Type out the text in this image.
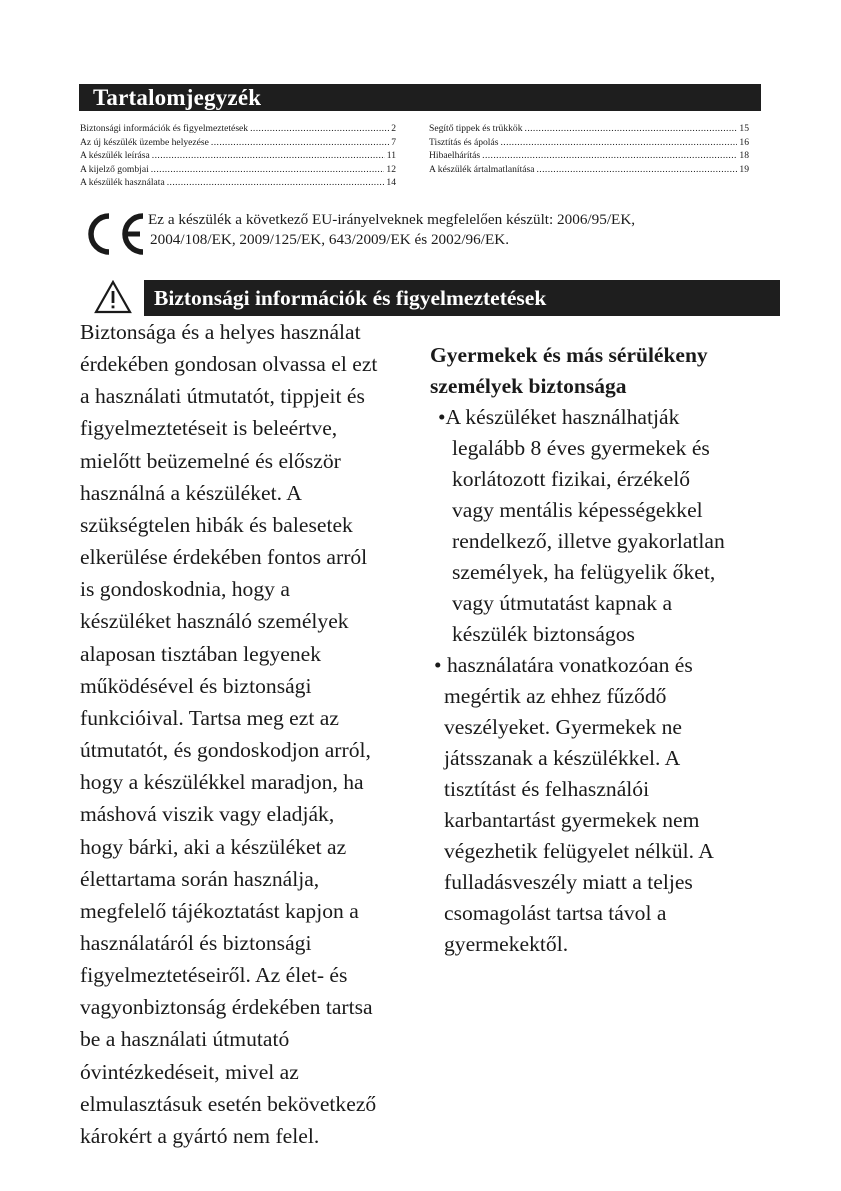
Tartalomjegyzék
Biztonsági információk és figyelmeztetések .....	2
Az új készülék üzembe helyezése .....	7
A készülék leírása .....	11
A kijelző gombjai .....	12
A készülék használata .....	14
Segítő tippek és trükkök .....	15
Tisztítás és ápolás .....	16
Hibaelhárítás .....	18
A készülék ártalmatlanítása .....	19
Ez a készülék a következő EU-irányelveknek megfelelően készült: 2006/95/EK,
2004/108/EK, 2009/125/EK, 643/2009/EK és 2002/96/EK.
Biztonsági információk és figyelmeztetések
Biztonsága és a helyes használat
érdekében gondosan olvassa el ezt
a használati útmutatót, tippjeit és
figyelmeztetéseit is beleértve,
mielőtt beüzemelné és először
használná a készüléket. A
szükségtelen hibák és balesetek
elkerülése érdekében fontos arról
is gondoskodnia, hogy a
készüléket használó személyek
alaposan tisztában legyenek
működésével és biztonsági
funkcióival. Tartsa meg ezt az
útmutatót, és gondoskodjon arról,
hogy a készülékkel maradjon, ha
máshová viszik vagy eladják,
hogy bárki, aki a készüléket az
élettartama során használja,
megfelelő tájékoztatást kapjon a
használatáról és biztonsági
figyelmeztetéseiről. Az élet- és
vagyonbiztonság érdekében tartsa
be a használati útmutató
óvintézkedéseit, mivel az
elmulasztásuk esetén bekövetkező
károkért a gyártó nem felel.
Gyermekek és más sérülékeny
személyek biztonsága
•A készüléket használhatják
legalább 8 éves gyermekek és
korlátozott fizikai, érzékelő
vagy mentális képességekkel
rendelkező, illetve gyakorlatlan
személyek, ha felügyelik őket,
vagy útmutatást kapnak a
készülék biztonságos
• használatára vonatkozóan és
megértik az ehhez fűződő
veszélyeket. Gyermekek ne
játsszanak a készülékkel. A
tisztítást és felhasználói
karbantartást gyermekek nem
végezhetik felügyelet nélkül. A
fulladásveszély miatt a teljes
csomagolást tartsa távol a
gyermekektől.
